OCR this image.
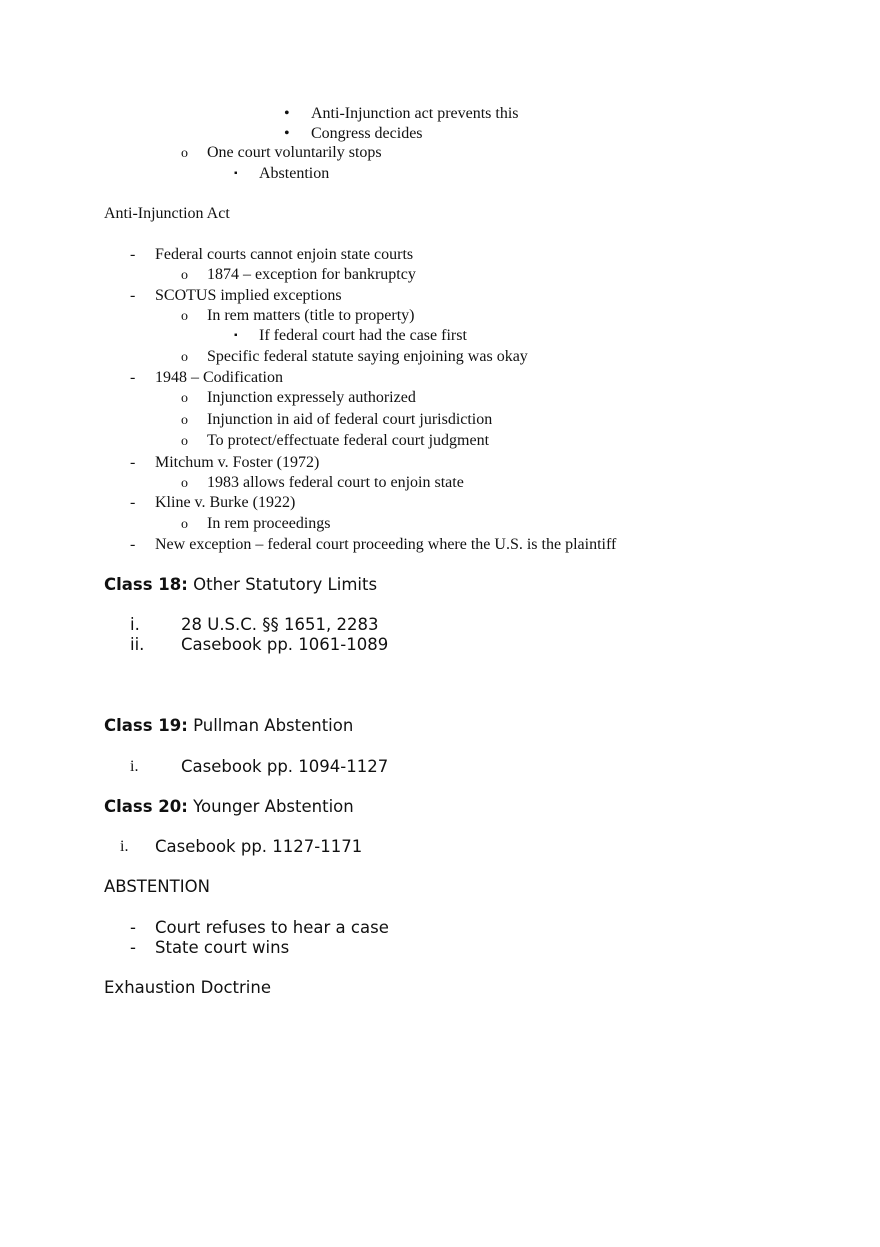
• Anti-Injunction act prevents this
• Congress decides
o One court voluntarily stops
▪ Abstention
Anti-Injunction Act
- Federal courts cannot enjoin state courts
o 1874 – exception for bankruptcy
- SCOTUS implied exceptions
o In rem matters (title to property)
▪ If federal court had the case first
o Specific federal statute saying enjoining was okay
- 1948 – Codification
o Injunction expressely authorized
o Injunction in aid of federal court jurisdiction
o To protect/effectuate federal court judgment
- Mitchum v. Foster (1972)
o 1983 allows federal court to enjoin state
- Kline v. Burke (1922)
o In rem proceedings
- New exception – federal court proceeding where the U.S. is the plaintiff
Class 18: Other Statutory Limits
i. 28 U.S.C. §§ 1651, 2283
ii. Casebook pp. 1061-1089
Class 19: Pullman Abstention
i.	Casebook pp. 1094-1127
Class 20: Younger Abstention
i. Casebook pp. 1127-1171
ABSTENTION
- Court refuses to hear a case
- State court wins
Exhaustion Doctrine
